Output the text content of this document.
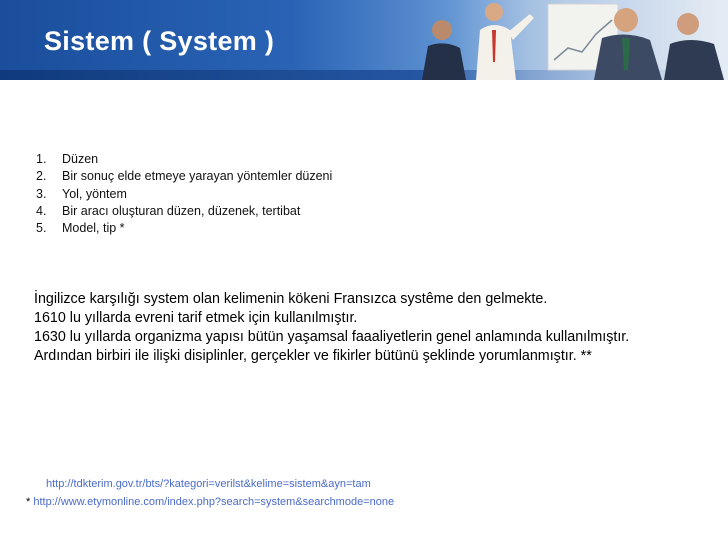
Sistem ( System )
1. Düzen
2. Bir sonuç elde etmeye yarayan yöntemler düzeni
3. Yol, yöntem
4. Bir aracı oluşturan düzen, düzenek, tertibat
5. Model, tip *
İngilizce karşılığı system olan kelimenin kökeni Fransızca systême den gelmekte.
1610 lu yıllarda evreni tarif etmek için kullanılmıştır.
1630 lu yıllarda organizma yapısı bütün yaşamsal faaaliyetlerin genel anlamında kullanılmıştır.
Ardından birbiri ile ilişki disiplinler, gerçekler ve fikirler bütünü şeklinde yorumlanmıştır. **
http://tdkterim.gov.tr/bts/?kategori=verilst&kelime=sistem&ayn=tam
* http://www.etymonline.com/index.php?search=system&searchmode=none
